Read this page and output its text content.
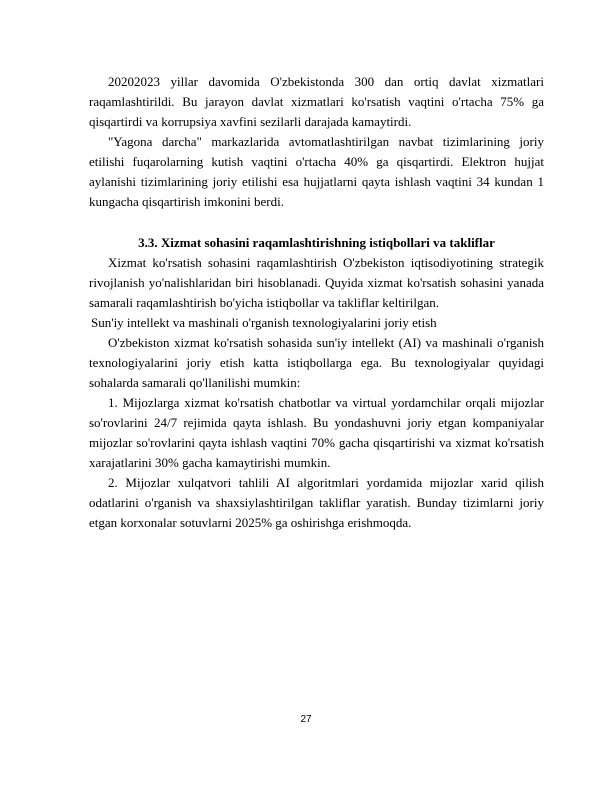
20202023 yillar davomida O'zbekistonda 300 dan ortiq davlat xizmatlari raqamlashtirildi. Bu jarayon davlat xizmatlari ko'rsatish vaqtini o'rtacha 75% ga qisqartirdi va korrupsiya xavfini sezilarli darajada kamaytirdi.

"Yagona darcha" markazlarida avtomatlashtirilgan navbat tizimlarining joriy etilishi fuqarolarning kutish vaqtini o'rtacha 40% ga qisqartirdi. Elektron hujjat aylanishi tizimlarining joriy etilishi esa hujjatlarni qayta ishlash vaqtini 34 kundan 1 kungacha qisqartirish imkonini berdi.

3.3. Xizmat sohasini raqamlashtirishning istiqbollari va takliflar

Xizmat ko'rsatish sohasini raqamlashtirish O'zbekiston iqtisodiyotining strategik rivojlanish yo'nalishlaridan biri hisoblanadi. Quyida xizmat ko'rsatish sohasini yanada samarali raqamlashtirish bo'yicha istiqbollar va takliflar keltirilgan.

Sun'iy intellekt va mashinali o'rganish texnologiyalarini joriy etish

O'zbekiston xizmat ko'rsatish sohasida sun'iy intellekt (AI) va mashinali o'rganish texnologiyalarini joriy etish katta istiqbollarga ega. Bu texnologiyalar quyidagi sohalarda samarali qo'llanilishi mumkin:

1. Mijozlarga xizmat ko'rsatish chatbotlar va virtual yordamchilar orqali mijozlar so'rovlarini 24/7 rejimida qayta ishlash. Bu yondashuvni joriy etgan kompaniyalar mijozlar so'rovlarini qayta ishlash vaqtini 70% gacha qisqartirishi va xizmat ko'rsatish xarajatlarini 30% gacha kamaytirishi mumkin.

2. Mijozlar xulqatvori tahlili AI algoritmlari yordamida mijozlar xarid qilish odatlarini o'rganish va shaxsiylashtirilgan takliflar yaratish. Bunday tizimlarni joriy etgan korxonalar sotuvlarni 2025% ga oshirishga erishmoqda.

27
